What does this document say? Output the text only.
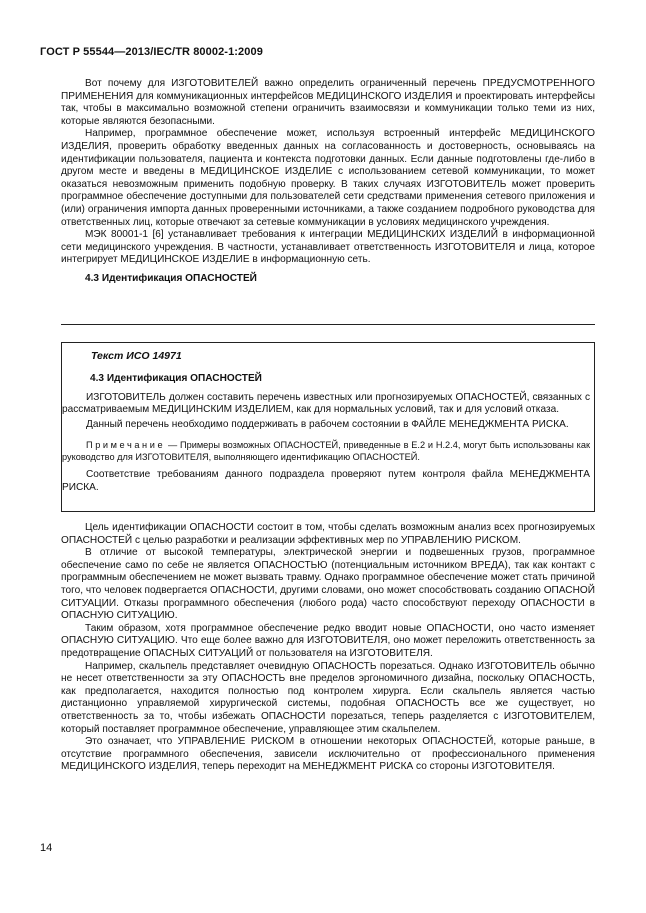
ГОСТ Р 55544—2013/IEC/TR 80002-1:2009

Вот почему для ИЗГОТОВИТЕЛЕЙ важно определить ограниченный перечень ПРЕДУСМОТРЕННОГО ПРИМЕНЕНИЯ для коммуникационных интерфейсов МЕДИЦИНСКОГО ИЗДЕЛИЯ и проектировать интерфейсы так, чтобы в максимально возможной степени ограничить взаимосвязи и коммуникации только теми из них, которые являются безопасными.

Например, программное обеспечение может, используя встроенный интерфейс МЕДИЦИНСКОГО ИЗДЕЛИЯ, проверить обработку введенных данных на согласованность и достоверность, основываясь на идентификации пользователя, пациента и контекста подготовки данных. Если данные подготовлены где-либо в другом месте и введены в МЕДИЦИНСКОЕ ИЗДЕЛИЕ с использованием сетевой коммуникации, то может оказаться невозможным применить подобную проверку. В таких случаях ИЗГОТОВИТЕЛЬ может проверить программное обеспечение доступными для пользователей сети средствами применения сетевого приложения и (или) ограничения импорта данных проверенными источниками, а также созданием подробного руководства для ответственных лиц, которые отвечают за сетевые коммуникации в условиях медицинского учреждения.

МЭК 80001-1 [6] устанавливает требования к интеграции МЕДИЦИНСКИХ ИЗДЕЛИЙ в информационной сети медицинского учреждения. В частности, устанавливает ответственность ИЗГОТОВИТЕЛЯ и лица, которое интегрирует МЕДИЦИНСКОЕ ИЗДЕЛИЕ в информационную сеть.

4.3 Идентификация ОПАСНОСТЕЙ

Текст ИСО 14971

4.3 Идентификация ОПАСНОСТЕЙ

ИЗГОТОВИТЕЛЬ должен составить перечень известных или прогнозируемых ОПАСНОСТЕЙ, связанных с рассматриваемым МЕДИЦИНСКИМ ИЗДЕЛИЕМ, как для нормальных условий, так и для условий отказа.

Данный перечень необходимо поддерживать в рабочем состоянии в ФАЙЛЕ МЕНЕДЖМЕНТА РИСКА.

Примечание — Примеры возможных ОПАСНОСТЕЙ, приведенные в Е.2 и Н.2.4, могут быть использованы как руководство для ИЗГОТОВИТЕЛЯ, выполняющего идентификацию ОПАСНОСТЕЙ.

Соответствие требованиям данного подраздела проверяют путем контроля файла МЕНЕДЖМЕНТА РИСКА.

Цель идентификации ОПАСНОСТИ состоит в том, чтобы сделать возможным анализ всех прогнозируемых ОПАСНОСТЕЙ с целью разработки и реализации эффективных мер по УПРАВЛЕНИЮ РИСКОМ.

В отличие от высокой температуры, электрической энергии и подвешенных грузов, программное обеспечение само по себе не является ОПАСНОСТЬЮ (потенциальным источником ВРЕДА), так как контакт с программным обеспечением не может вызвать травму. Однако программное обеспечение может стать причиной того, что человек подвергается ОПАСНОСТИ, другими словами, оно может способствовать созданию ОПАСНОЙ СИТУАЦИИ. Отказы программного обеспечения (любого рода) часто способствуют переходу ОПАСНОСТИ в ОПАСНУЮ СИТУАЦИЮ.

Таким образом, хотя программное обеспечение редко вводит новые ОПАСНОСТИ, оно часто изменяет ОПАСНУЮ СИТУАЦИЮ. Что еще более важно для ИЗГОТОВИТЕЛЯ, оно может переложить ответственность за предотвращение ОПАСНЫХ СИТУАЦИЙ от пользователя на ИЗГОТОВИТЕЛЯ.

Например, скальпель представляет очевидную ОПАСНОСТЬ порезаться. Однако ИЗГОТОВИТЕЛЬ обычно не несет ответственности за эту ОПАСНОСТЬ вне пределов эргономичного дизайна, поскольку ОПАСНОСТЬ, как предполагается, находится полностью под контролем хирурга. Если скальпель является частью дистанционно управляемой хирургической системы, подобная ОПАСНОСТЬ все же существует, но ответственность за то, чтобы избежать ОПАСНОСТИ порезаться, теперь разделяется с ИЗГОТОВИТЕЛЕМ, который поставляет программное обеспечение, управляющее этим скальпелем.

Это означает, что УПРАВЛЕНИЕ РИСКОМ в отношении некоторых ОПАСНОСТЕЙ, которые раньше, в отсутствие программного обеспечения, зависели исключительно от профессионального применения МЕДИЦИНСКОГО ИЗДЕЛИЯ, теперь переходит на МЕНЕДЖМЕНТ РИСКА со стороны ИЗГОТОВИТЕЛЯ.

14
